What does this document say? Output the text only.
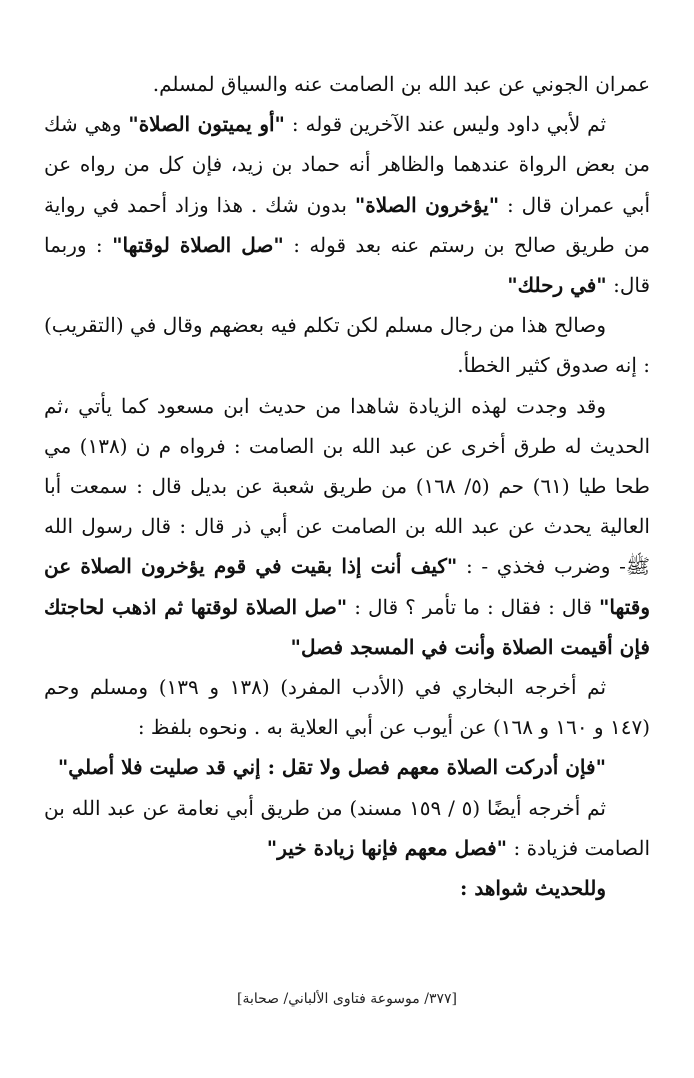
عمران الجوني عن عبد الله بن الصامت عنه والسياق لمسلم.

ثم لأبي داود وليس عند الآخرين قوله : "أو يميتون الصلاة" وهي شك من بعض الرواة عندهما والظاهر أنه حماد بن زيد، فإن كل من رواه عن أبي عمران قال : "يؤخرون الصلاة" بدون شك . هذا وزاد أحمد في رواية من طريق صالح بن رستم عنه بعد قوله : "صل الصلاة لوقتها" : وربما قال: "في رحلك"

وصالح هذا من رجال مسلم لكن تكلم فيه بعضهم وقال في (التقريب) : إنه صدوق كثير الخطأ.

وقد وجدت لهذه الزيادة شاهدا من حديث ابن مسعود كما يأتي ،ثم الحديث له طرق أخرى عن عبد الله بن الصامت : فرواه م ن (١٣٨) مي طحا طيا (٦١) حم (٥/ ١٦٨) من طريق شعبة عن بديل قال : سمعت أبا العالية يحدث عن عبد الله بن الصامت عن أبي ذر قال : قال رسول الله ﷺ- وضرب فخذي - : "كيف أنت إذا بقيت في قوم يؤخرون الصلاة عن وقتها" قال : فقال : ما تأمر ؟ قال : "صل الصلاة لوقتها ثم اذهب لحاجتك فإن أقيمت الصلاة وأنت في المسجد فصل"

ثم أخرجه البخاري في (الأدب المفرد) (١٣٨ و ١٣٩) ومسلم وحم (١٤٧ و ١٦٠ و ١٦٨) عن أيوب عن أبي العلاية به . ونحوه بلفظ :

"فإن أدركت الصلاة معهم فصل ولا تقل : إني قد صليت فلا أصلي"

ثم أخرجه أيضًا (٥ / ١٥٩ مسند) من طريق أبي نعامة عن عبد الله بن الصامت فزيادة : "فصل معهم فإنها زيادة خير"

وللحديث شواهد :

[٣٧٧/ موسوعة فتاوى الألباني/ صحابة]
